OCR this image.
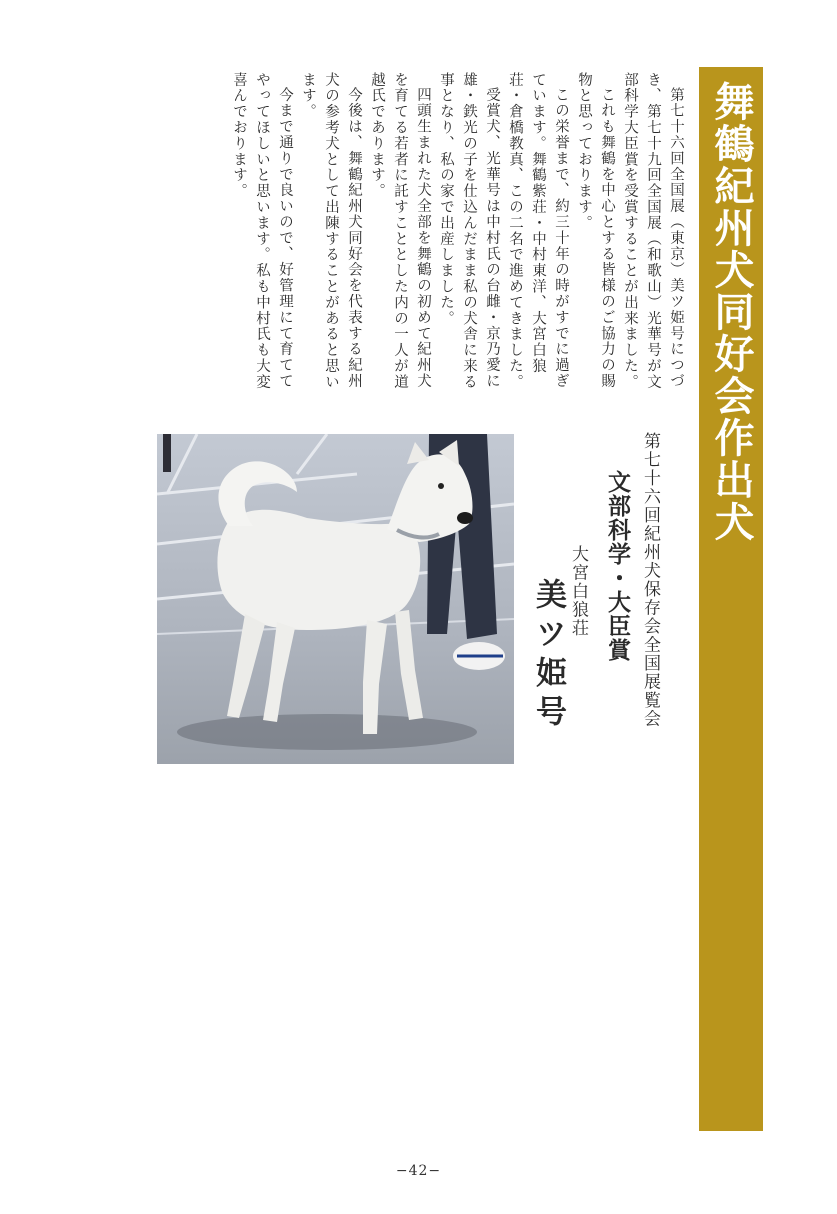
舞鶴紀州犬同好会作出犬

第七十六回全国展（東京）美ツ姫号につづき、第七十九回全国展（和歌山）光華号が文部科学大臣賞を受賞することが出来ました。

これも舞鶴を中心とする皆様のご協力の賜物と思っております。

この栄誉まで、約三十年の時がすでに過ぎています。舞鶴紫荘・中村東洋、大宮白狼荘・倉橋教真、この二名で進めてきました。

受賞犬、光華号は中村氏の台雌・京乃愛に雄・鉄光の子を仕込んだまま私の犬舎に来る事となり、私の家で出産しました。

四頭生まれた犬全部を舞鶴の初めて紀州犬を育てる若者に託すこととした内の一人が道越氏であります。

今後は、舞鶴紀州犬同好会を代表する紀州犬の参考犬として出陳することがあると思います。

今まで通りで良いので、好管理にて育ててやってほしいと思います。私も中村氏も大変喜んでおります。

第七十六回紀州犬保存会全国展覧会
文部科学・大臣賞
大宮白狼荘
美ツ姫号
−42−
